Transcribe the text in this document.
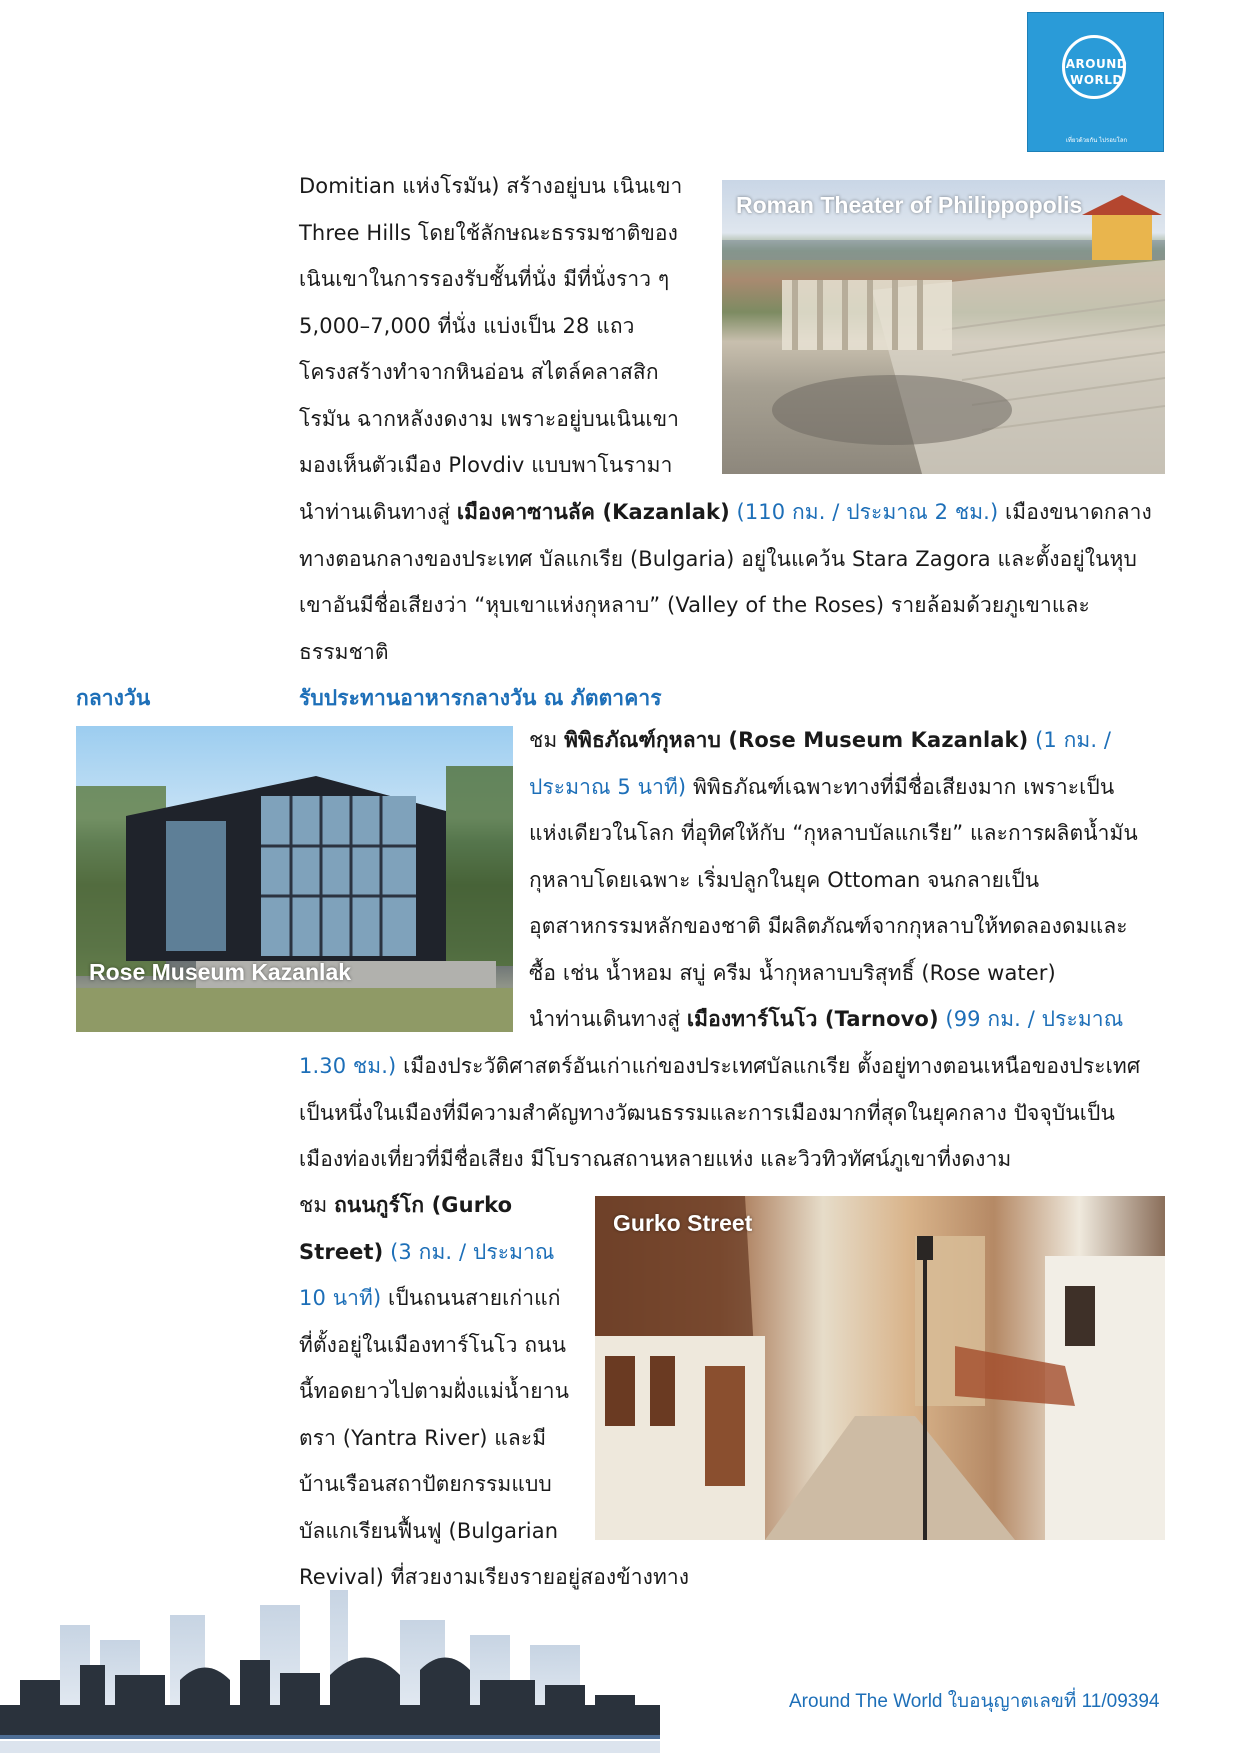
AROUND
WORLD
เที่ยวด้วยกัน ไปรอบโลก
Roman Theater of Philippopolis

Domitian แห่งโรมัน) สร้างอยู่บน เนินเขา

Three Hills โดยใช้ลักษณะธรรมชาติของ

เนินเขาในการรองรับชั้นที่นั่ง มีที่นั่งราว ๆ

5,000–7,000 ที่นั่ง แบ่งเป็น 28 แถว

โครงสร้างทำจากหินอ่อน สไตล์คลาสสิก

โรมัน ฉากหลังงดงาม เพราะอยู่บนเนินเขา

มองเห็นตัวเมือง Plovdiv แบบพาโนรามา

นำท่านเดินทางสู่ เมืองคาซานลัค (Kazanlak) (110 กม. / ประมาณ 2 ชม.) เมืองขนาดกลาง

ทางตอนกลางของประเทศ บัลแกเรีย (Bulgaria) อยู่ในแคว้น Stara Zagora และตั้งอยู่ในหุบ

เขาอันมีชื่อเสียงว่า “หุบเขาแห่งกุหลาบ” (Valley of the Roses) รายล้อมด้วยภูเขาและ

ธรรมชาติ

กลางวัน	รับประทานอาหารกลางวัน ณ ภัตตาคาร
Rose Museum Kazanlak

ชม พิพิธภัณฑ์กุหลาบ (Rose Museum Kazanlak) (1 กม. /

ประมาณ 5 นาที) พิพิธภัณฑ์เฉพาะทางที่มีชื่อเสียงมาก เพราะเป็น

แห่งเดียวในโลก ที่อุทิศให้กับ “กุหลาบบัลแกเรีย” และการผลิตน้ำมัน

กุหลาบโดยเฉพาะ เริ่มปลูกในยุค Ottoman จนกลายเป็น

อุตสาหกรรมหลักของชาติ มีผลิตภัณฑ์จากกุหลาบให้ทดลองดมและ

ซื้อ เช่น น้ำหอม สบู่ ครีม น้ำกุหลาบบริสุทธิ์ (Rose water)

นำท่านเดินทางสู่ เมืองทาร์โนโว (Tarnovo) (99 กม. / ประมาณ

1.30 ชม.) เมืองประวัติศาสตร์อันเก่าแก่ของประเทศบัลแกเรีย ตั้งอยู่ทางตอนเหนือของประเทศ

เป็นหนึ่งในเมืองที่มีความสำคัญทางวัฒนธรรมและการเมืองมากที่สุดในยุคกลาง ปัจจุบันเป็น

เมืองท่องเที่ยวที่มีชื่อเสียง มีโบราณสถานหลายแห่ง และวิวทิวทัศน์ภูเขาที่งดงาม

Gurko Street

ชม ถนนกูร์โก (Gurko

Street) (3 กม. / ประมาณ

10 นาที) เป็นถนนสายเก่าแก่

ที่ตั้งอยู่ในเมืองทาร์โนโว ถนน

นี้ทอดยาวไปตามฝั่งแม่น้ำยาน

ตรา (Yantra River) และมี

บ้านเรือนสถาปัตยกรรมแบบ

บัลแกเรียนฟื้นฟู (Bulgarian

Revival) ที่สวยงามเรียงรายอยู่สองข้างทาง

Around The World ใบอนุญาตเลขที่ 11/09394
